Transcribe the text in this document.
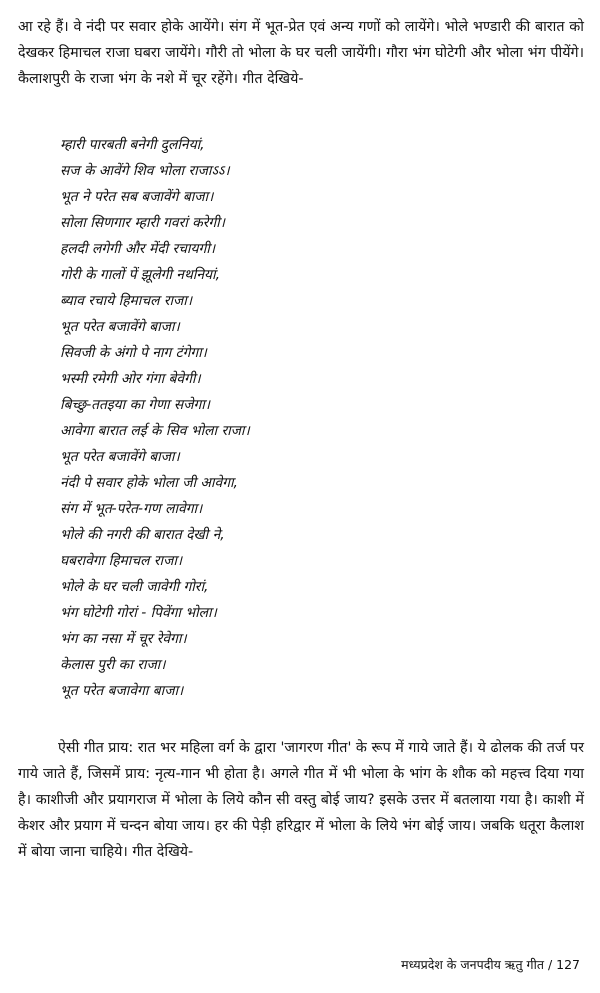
आ रहे हैं। वे नंदी पर सवार होके आयेंगे। संग में भूत-प्रेत एवं अन्य गणों को लायेंगे। भोले भण्डारी की बारात को देखकर हिमाचल राजा घबरा जायेंगे। गौरी तो भोला के घर चली जायेंगी। गौरा भंग घोटेगी और भोला भंग पीयेंगे। कैलाशपुरी के राजा भंग के नशे में चूर रहेंगे। गीत देखिये-

म्हारी पारबती बनेगी दुलनियां,
सज के आवेंगे शिव भोला राजाऽऽ।
भूत ने परेत सब बजावेंगे बाजा।
सोला सिणगार म्हारी गवरां करेगी।
हलदी लगेगी और मेंदी रचायगी।
गोरी के गालों पें झूलेगी नथनियां,
ब्याव रचाये हिमाचल राजा।
भूत परेत बजावेंगे बाजा।
सिवजी के अंगो पे नाग टंगेगा।
भस्मी रमेगी ओर गंगा बेवेगी।
बिच्छु-ततइया का गेणा सजेगा।
आवेगा बारात लई के सिव भोला राजा।
भूत परेत बजावेंगे बाजा।
नंदी पे सवार होके भोला जी आवेगा,
संग में भूत-परेत-गण लावेगा।
भोले की नगरी की बारात देखी ने,
घबरावेगा हिमाचल राजा।
भोले के घर चली जावेगी गोरां,
भंग घोटेगी गोरां - पिवेंगा भोला।
भंग का नसा में चूर रेवेगा।
केलास पुरी का राजा।
भूत परेत बजावेगा बाजा।

ऐसी गीत प्राय: रात भर महिला वर्ग के द्वारा 'जागरण गीत' के रूप में गाये जाते हैं। ये ढोलक की तर्ज पर गाये जाते हैं, जिसमें प्राय: नृत्य-गान भी होता है। अगले गीत में भी भोला के भांग के शौक को महत्त्व दिया गया है। काशीजी और प्रयागराज में भोला के लिये कौन सी वस्तु बोई जाय? इसके उत्तर में बतलाया गया है। काशी में केशर और प्रयाग में चन्दन बोया जाय। हर की पेड़ी हरिद्वार में भोला के लिये भंग बोई जाय। जबकि धतूरा कैलाश में बोया जाना चाहिये। गीत देखिये-

मध्यप्रदेश के जनपदीय ऋतु गीत / 127
